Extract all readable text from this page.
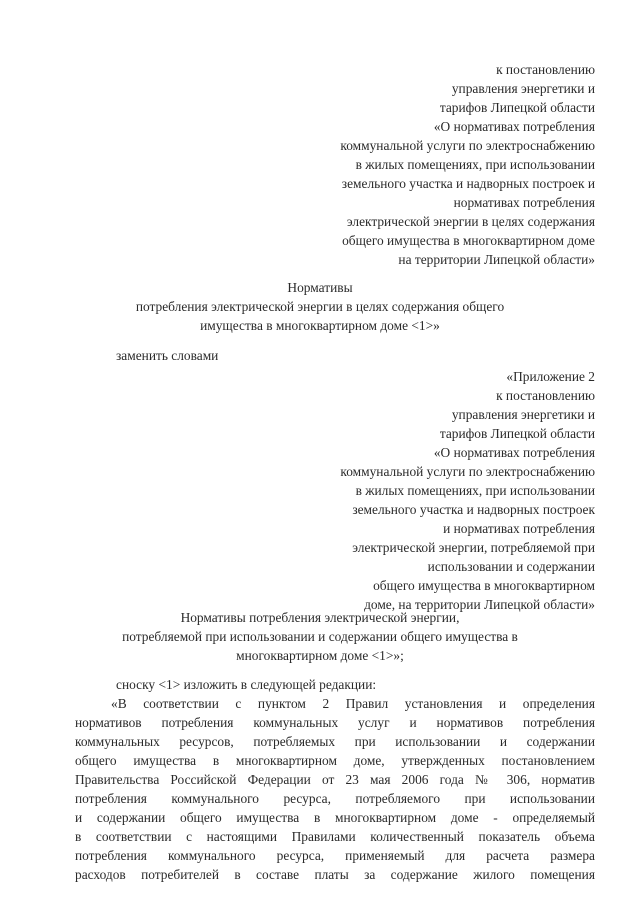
к постановлению
управления энергетики и
тарифов Липецкой области
«О нормативах потребления
коммунальной услуги по электроснабжению
в жилых помещениях, при использовании
земельного участка и надворных построек и
нормативах потребления
электрической энергии в целях содержания
общего имущества в многоквартирном доме
на территории Липецкой области»
Нормативы
потребления электрической энергии в целях содержания общего
имущества в многоквартирном доме <1>»
заменить словами
«Приложение 2
к постановлению
управления энергетики и
тарифов Липецкой области
«О нормативах потребления
коммунальной услуги по электроснабжению
в жилых помещениях, при использовании
земельного участка и надворных построек
и нормативах потребления
электрической энергии, потребляемой при
использовании и содержании
общего имущества в многоквартирном
доме, на территории Липецкой области»
Нормативы потребления электрической энергии,
потребляемой при использовании и содержании общего имущества в
многоквартирном доме <1>»;
сноску <1> изложить в следующей редакции:
«В соответствии с пунктом 2 Правил установления и определения
нормативов потребления коммунальных услуг и нормативов потребления
коммунальных ресурсов, потребляемых при использовании и содержании
общего имущества в многоквартирном доме, утвержденных постановлением
Правительства Российской Федерации от 23 мая 2006 года № 306, норматив
потребления коммунального ресурса, потребляемого при использовании
и содержании общего имущества в многоквартирном доме - определяемый
в соответствии с настоящими Правилами количественный показатель объема
потребления коммунального ресурса, применяемый для расчета размера
расходов потребителей в составе платы за содержание жилого помещения
